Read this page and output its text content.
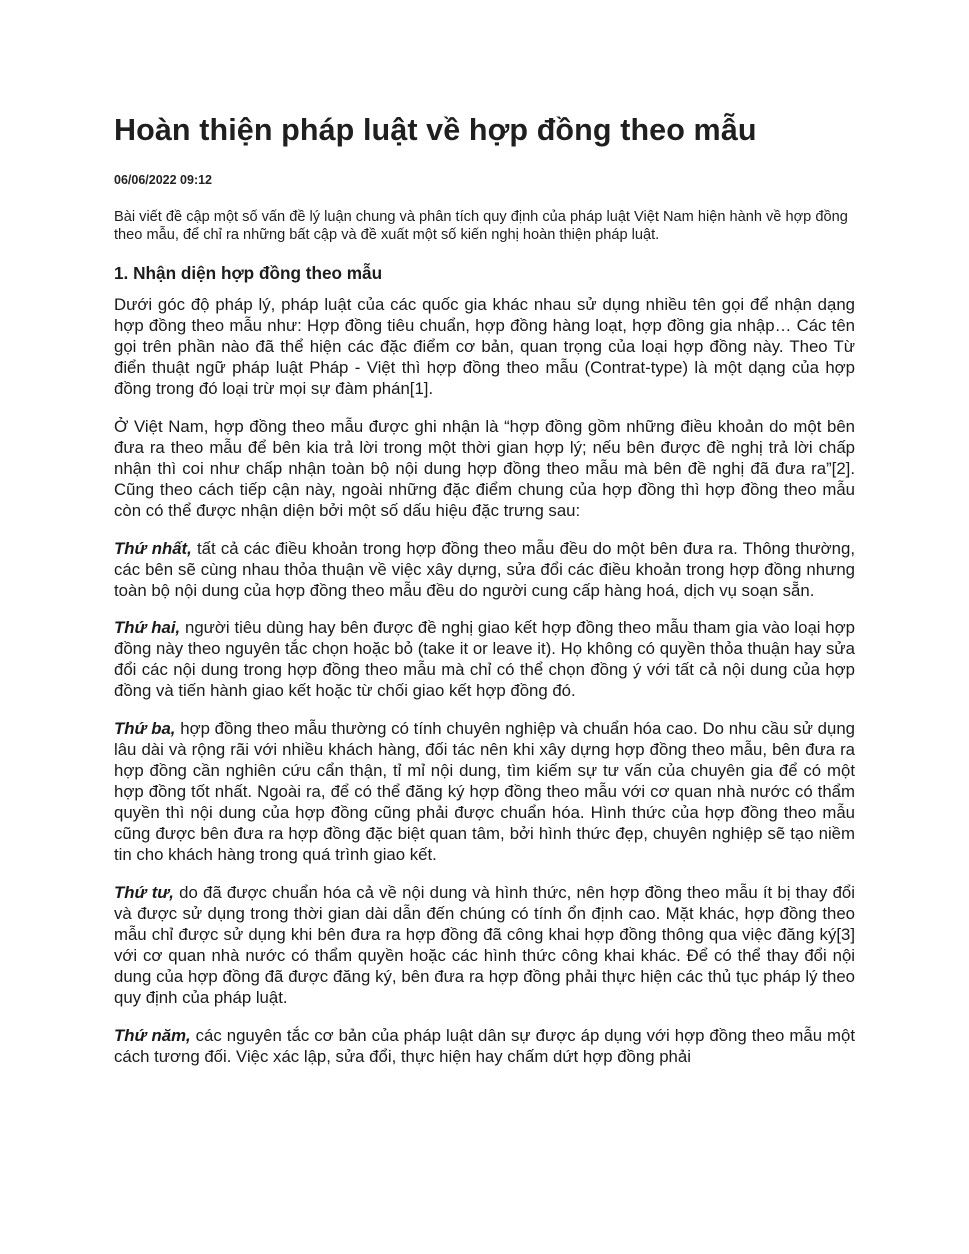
Hoàn thiện pháp luật về hợp đồng theo mẫu
06/06/2022 09:12
Bài viết đề cập một số vấn đề lý luận chung và phân tích quy định của pháp luật Việt Nam hiện hành về hợp đồng theo mẫu, để chỉ ra những bất cập và đề xuất một số kiến nghị hoàn thiện pháp luật.
1. Nhận diện hợp đồng theo mẫu

Dưới góc độ pháp lý, pháp luật của các quốc gia khác nhau sử dụng nhiều tên gọi để nhận dạng hợp đồng theo mẫu như: Hợp đồng tiêu chuẩn, hợp đồng hàng loạt, hợp đồng gia nhập… Các tên gọi trên phần nào đã thể hiện các đặc điểm cơ bản, quan trọng của loại hợp đồng này. Theo Từ điển thuật ngữ pháp luật Pháp - Việt thì hợp đồng theo mẫu (Contrat-type) là một dạng của hợp đồng trong đó loại trừ mọi sự đàm phán[1].

Ở Việt Nam, hợp đồng theo mẫu được ghi nhận là “hợp đồng gồm những điều khoản do một bên đưa ra theo mẫu để bên kia trả lời trong một thời gian hợp lý; nếu bên được đề nghị trả lời chấp nhận thì coi như chấp nhận toàn bộ nội dung hợp đồng theo mẫu mà bên đề nghị đã đưa ra”[2]. Cũng theo cách tiếp cận này, ngoài những đặc điểm chung của hợp đồng thì hợp đồng theo mẫu còn có thể được nhận diện bởi một số dấu hiệu đặc trưng sau:

Thứ nhất, tất cả các điều khoản trong hợp đồng theo mẫu đều do một bên đưa ra. Thông thường, các bên sẽ cùng nhau thỏa thuận về việc xây dựng, sửa đổi các điều khoản trong hợp đồng nhưng toàn bộ nội dung của hợp đồng theo mẫu đều do người cung cấp hàng hoá, dịch vụ soạn sẵn.

Thứ hai, người tiêu dùng hay bên được đề nghị giao kết hợp đồng theo mẫu tham gia vào loại hợp đồng này theo nguyên tắc chọn hoặc bỏ (take it or leave it). Họ không có quyền thỏa thuận hay sửa đổi các nội dung trong hợp đồng theo mẫu mà chỉ có thể chọn đồng ý với tất cả nội dung của hợp đồng và tiến hành giao kết hoặc từ chối giao kết hợp đồng đó.

Thứ ba, hợp đồng theo mẫu thường có tính chuyên nghiệp và chuẩn hóa cao. Do nhu cầu sử dụng lâu dài và rộng rãi với nhiều khách hàng, đối tác nên khi xây dựng hợp đồng theo mẫu, bên đưa ra hợp đồng cần nghiên cứu cẩn thận, tỉ mỉ nội dung, tìm kiếm sự tư vấn của chuyên gia để có một hợp đồng tốt nhất. Ngoài ra, để có thể đăng ký hợp đồng theo mẫu với cơ quan nhà nước có thẩm quyền thì nội dung của hợp đồng cũng phải được chuẩn hóa. Hình thức của hợp đồng theo mẫu cũng được bên đưa ra hợp đồng đặc biệt quan tâm, bởi hình thức đẹp, chuyên nghiệp sẽ tạo niềm tin cho khách hàng trong quá trình giao kết.

Thứ tư, do đã được chuẩn hóa cả về nội dung và hình thức, nên hợp đồng theo mẫu ít bị thay đổi và được sử dụng trong thời gian dài dẫn đến chúng có tính ổn định cao. Mặt khác, hợp đồng theo mẫu chỉ được sử dụng khi bên đưa ra hợp đồng đã công khai hợp đồng thông qua việc đăng ký[3] với cơ quan nhà nước có thẩm quyền hoặc các hình thức công khai khác. Để có thể thay đổi nội dung của hợp đồng đã được đăng ký, bên đưa ra hợp đồng phải thực hiện các thủ tục pháp lý theo quy định của pháp luật.

Thứ năm, các nguyên tắc cơ bản của pháp luật dân sự được áp dụng với hợp đồng theo mẫu một cách tương đối. Việc xác lập, sửa đổi, thực hiện hay chấm dứt hợp đồng phải
